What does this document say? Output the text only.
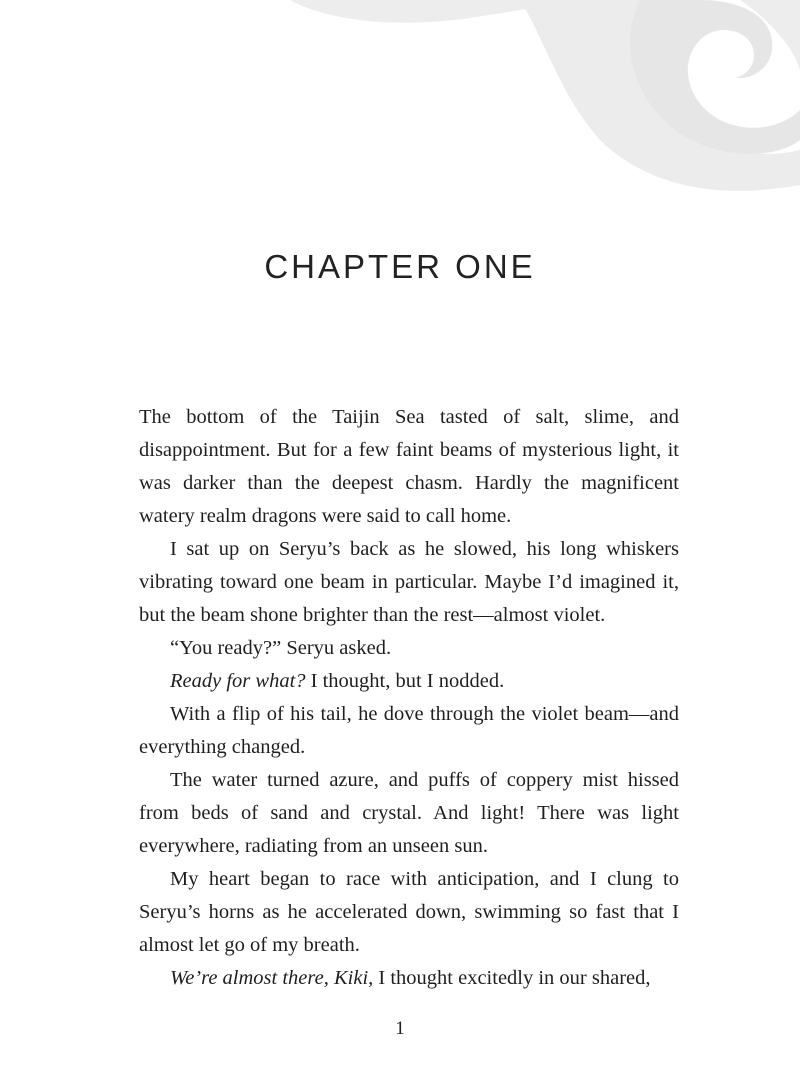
CHAPTER ONE

The bottom of the Taijin Sea tasted of salt, slime, and disappointment. But for a few faint beams of mysterious light, it was darker than the deepest chasm. Hardly the magnificent watery realm dragons were said to call home.

I sat up on Seryu’s back as he slowed, his long whiskers vibrating toward one beam in particular. Maybe I’d imagined it, but the beam shone brighter than the rest—almost violet.

“You ready?” Seryu asked.

Ready for what? I thought, but I nodded.

With a flip of his tail, he dove through the violet beam—and everything changed.

The water turned azure, and puffs of coppery mist hissed from beds of sand and crystal. And light! There was light everywhere, radiating from an unseen sun.

My heart began to race with anticipation, and I clung to Seryu’s horns as he accelerated down, swimming so fast that I almost let go of my breath.

We’re almost there, Kiki, I thought excitedly in our shared,

1
